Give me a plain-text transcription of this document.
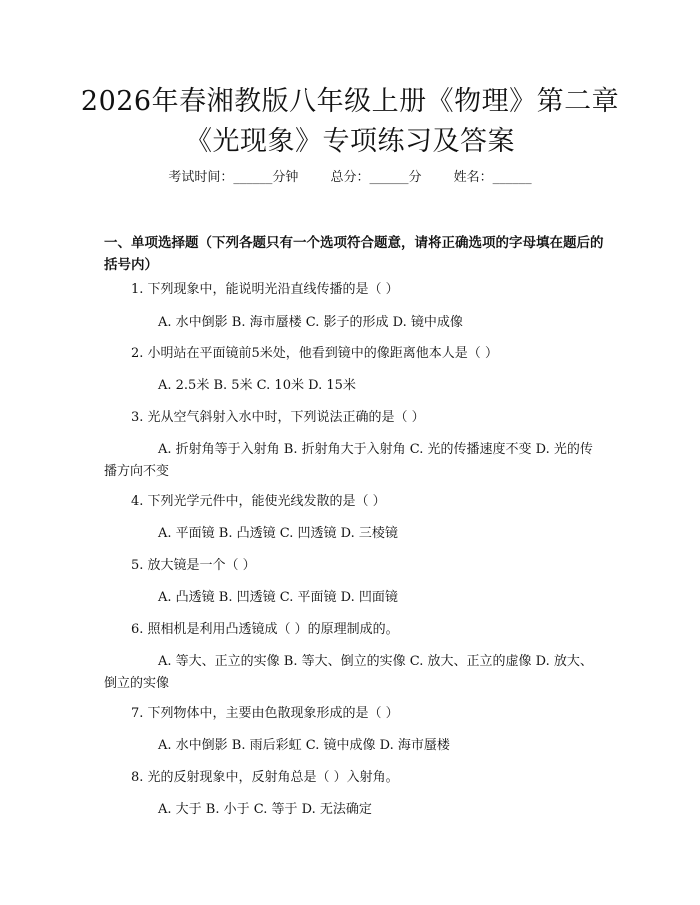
2026年春湘教版八年级上册《物理》第二章
《光现象》专项练习及答案
考试时间：______分钟 总分：______分 姓名：______
一、单项选择题（下列各题只有一个选项符合题意，请将正确选项的字母填在题后的括号内）
1. 下列现象中，能说明光沿直线传播的是（ ）
A. 水中倒影 B. 海市蜃楼 C. 影子的形成 D. 镜中成像
2. 小明站在平面镜前5米处，他看到镜中的像距离他本人是（ ）
A. 2.5米 B. 5米 C. 10米 D. 15米
3. 光从空气斜射入水中时，下列说法正确的是（ ）
A. 折射角等于入射角 B. 折射角大于入射角 C. 光的传播速度不变 D. 光的传播方向不变
4. 下列光学元件中，能使光线发散的是（ ）
A. 平面镜 B. 凸透镜 C. 凹透镜 D. 三棱镜
5. 放大镜是一个（ ）
A. 凸透镜 B. 凹透镜 C. 平面镜 D. 凹面镜
6. 照相机是利用凸透镜成（ ）的原理制成的。
A. 等大、正立的实像 B. 等大、倒立的实像 C. 放大、正立的虚像 D. 放大、倒立的实像
7. 下列物体中，主要由色散现象形成的是（ ）
A. 水中倒影 B. 雨后彩虹 C. 镜中成像 D. 海市蜃楼
8. 光的反射现象中，反射角总是（ ）入射角。
A. 大于 B. 小于 C. 等于 D. 无法确定
